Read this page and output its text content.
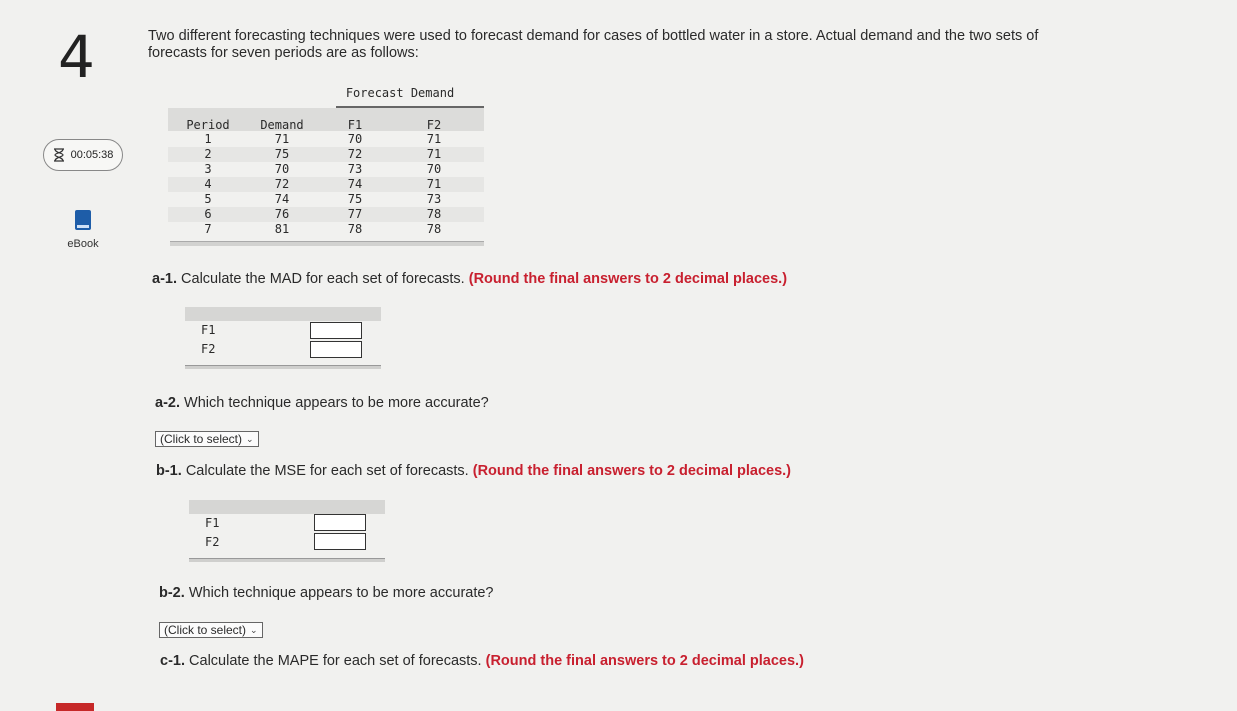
4
00:05:38
eBook
Two different forecasting techniques were used to forecast demand for cases of bottled water in a store. Actual demand and the two sets of forecasts for seven periods are as follows:
Forecast Demand
Period	Demand	F1	F2
1	71	70	71
2	75	72	71
3	70	73	70
4	72	74	71
5	74	75	73
6	76	77	78
7	81	78	78
a-1. Calculate the MAD for each set of forecasts. (Round the final answers to 2 decimal places.)
F1
F2
a-2. Which technique appears to be more accurate?
(Click to select) ⌄
b-1. Calculate the MSE for each set of forecasts. (Round the final answers to 2 decimal places.)
F1
F2
b-2. Which technique appears to be more accurate?
(Click to select) ⌄
c-1. Calculate the MAPE for each set of forecasts. (Round the final answers to 2 decimal places.)
